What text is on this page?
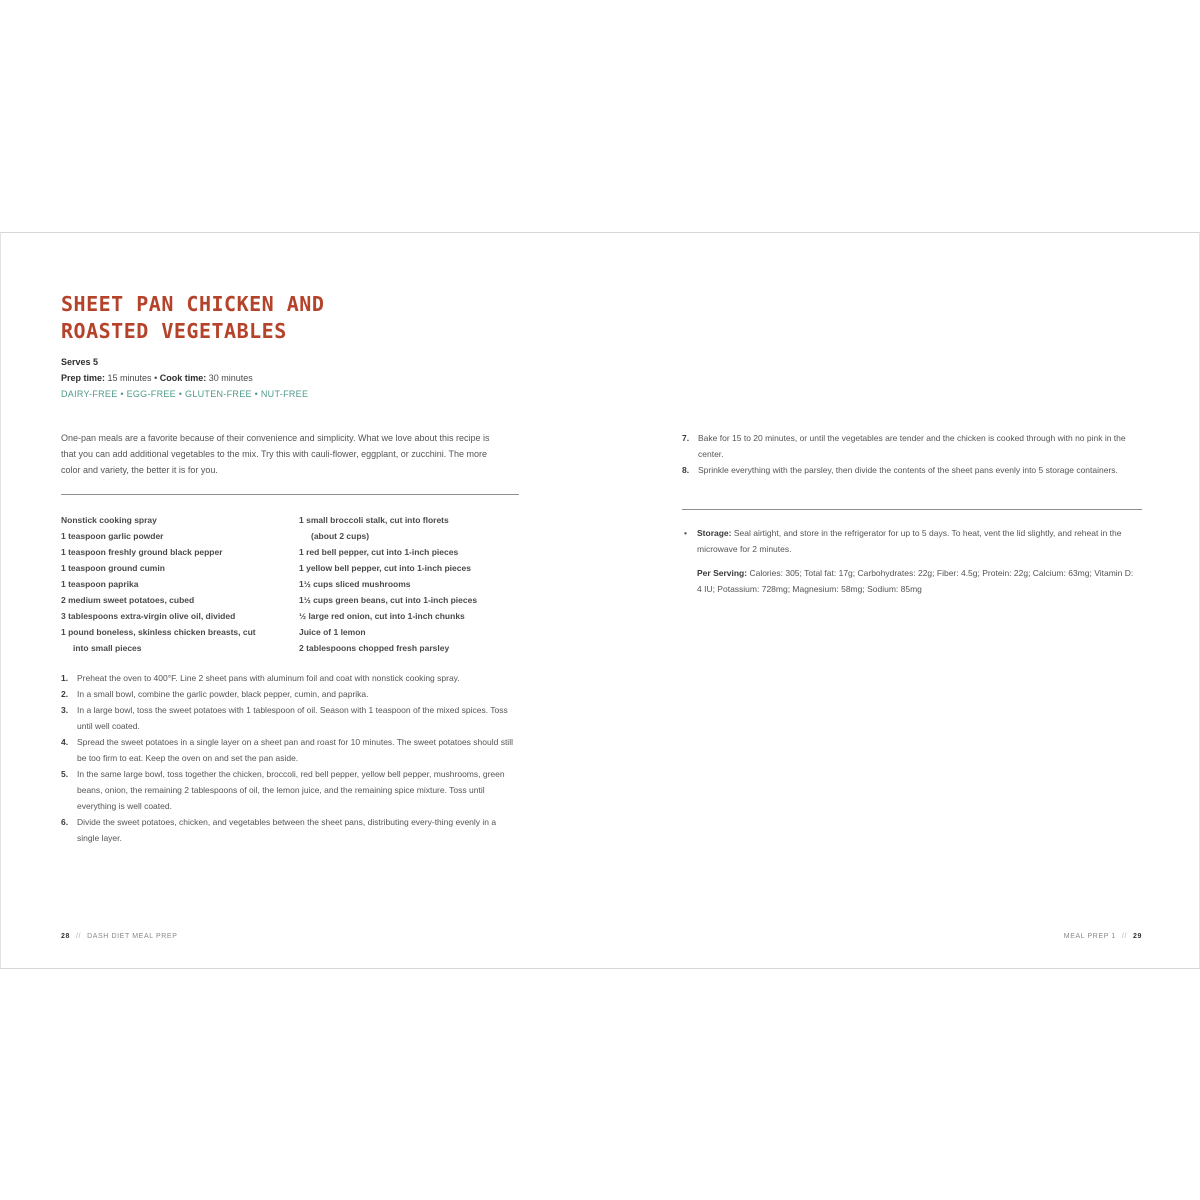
SHEET PAN CHICKEN AND
ROASTED VEGETABLES
Serves 5
Prep time: 15 minutes • Cook time: 30 minutes
DAIRY-FREE • EGG-FREE • GLUTEN-FREE • NUT-FREE

One-pan meals are a favorite because of their convenience and simplicity. What we love about this recipe is that you can add additional vegetables to the mix. Try this with cauli-flower, eggplant, or zucchini. The more color and variety, the better it is for you.

Nonstick cooking spray
1 teaspoon garlic powder
1 teaspoon freshly ground black pepper
1 teaspoon ground cumin
1 teaspoon paprika
2 medium sweet potatoes, cubed
3 tablespoons extra-virgin olive oil, divided
1 pound boneless, skinless chicken breasts, cut
into small pieces
1 small broccoli stalk, cut into florets
(about 2 cups)
1 red bell pepper, cut into 1-inch pieces
1 yellow bell pepper, cut into 1-inch pieces
1½ cups sliced mushrooms
1½ cups green beans, cut into 1-inch pieces
½ large red onion, cut into 1-inch chunks
Juice of 1 lemon
2 tablespoons chopped fresh parsley
1. Preheat the oven to 400°F. Line 2 sheet pans with aluminum foil and coat with nonstick cooking spray.
2. In a small bowl, combine the garlic powder, black pepper, cumin, and paprika.
3. In a large bowl, toss the sweet potatoes with 1 tablespoon of oil. Season with 1 teaspoon of the mixed spices. Toss until well coated.
4. Spread the sweet potatoes in a single layer on a sheet pan and roast for 10 minutes. The sweet potatoes should still be too firm to eat. Keep the oven on and set the pan aside.
5. In the same large bowl, toss together the chicken, broccoli, red bell pepper, yellow bell pepper, mushrooms, green beans, onion, the remaining 2 tablespoons of oil, the lemon juice, and the remaining spice mixture. Toss until everything is well coated.
6. Divide the sweet potatoes, chicken, and vegetables between the sheet pans, distributing every-thing evenly in a single layer.
7. Bake for 15 to 20 minutes, or until the vegetables are tender and the chicken is cooked through with no pink in the center.
8. Sprinkle everything with the parsley, then divide the contents of the sheet pans evenly into 5 storage containers.
• Storage: Seal airtight, and store in the refrigerator for up to 5 days. To heat, vent the lid slightly, and reheat in the microwave for 2 minutes.
Per Serving: Calories: 305; Total fat: 17g; Carbohydrates: 22g; Fiber: 4.5g; Protein: 22g; Calcium: 63mg; Vitamin D: 4 IU; Potassium: 728mg; Magnesium: 58mg; Sodium: 85mg
28 // DASH DIET MEAL PREP	MEAL PREP 1 // 29
